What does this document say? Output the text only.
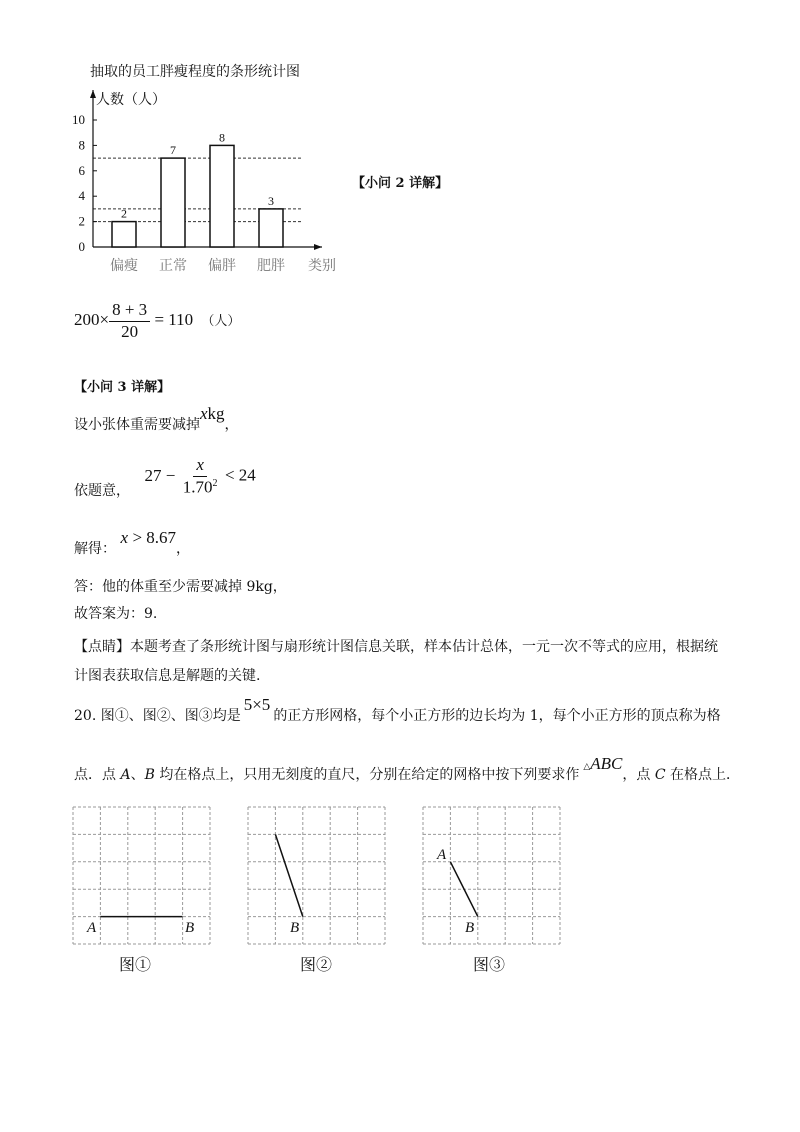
抽取的员工胖瘦程度的条形统计图
人数（人）
类别
0
2
4
6
8
10
2
偏瘦
7
正常
8
偏胖
3
肥胖
【小问 2 详解】
$200\times \frac{8 + 3}{20} = 110$ （人）
【小问 3 详解】
设小张体重需要减掉xkg，
依题意， $27 - \frac{x}{1.70^2} < 24$
解得： x > 8.67，
答：他的体重至少需要减掉 9kg，
故答案为：9.
【点睛】本题考查了条形统计图与扇形统计图信息关联，样本估计总体，一元一次不等式的应用，根据统
计图表获取信息是解题的关键.
20. 图①、图②、图③均是5×5的正方形网格，每个小正方形的边长均为 1，每个小正方形的顶点称为格
点．点 A、B 均在格点上，只用无刻度的直尺，分别在给定的网格中按下列要求作 △ABC，点 C 在格点上．
A	B
图①
B
图②
A
B
图③
